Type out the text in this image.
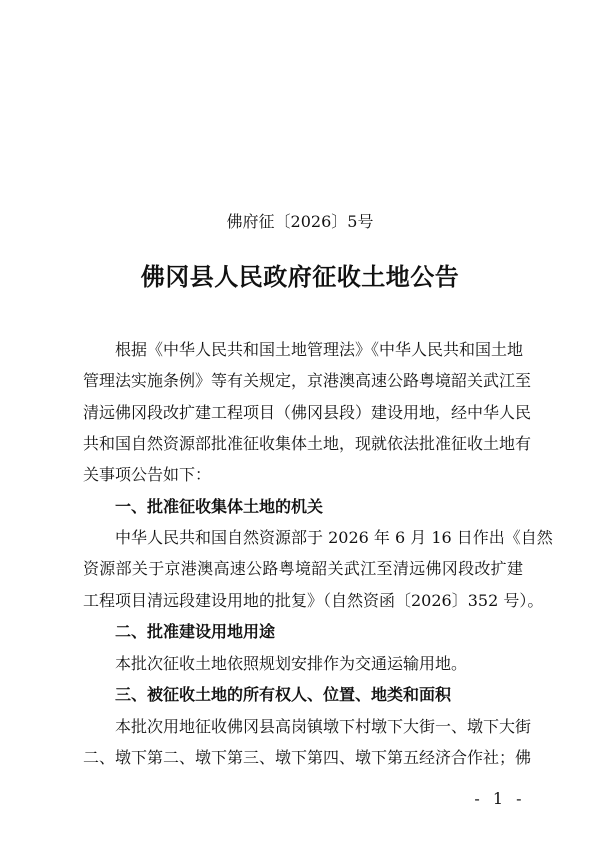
佛府征〔2026〕5号
佛冈县人民政府征收土地公告
根据《中华人民共和国土地管理法》《中华人民共和国土地
管理法实施条例》等有关规定，京港澳高速公路粤境韶关武江至
清远佛冈段改扩建工程项目（佛冈县段）建设用地，经中华人民
共和国自然资源部批准征收集体土地，现就依法批准征收土地有
关事项公告如下：
一、批准征收集体土地的机关
中华人民共和国自然资源部于 2026 年 6 月 16 日作出《自然
资源部关于京港澳高速公路粤境韶关武江至清远佛冈段改扩建
工程项目清远段建设用地的批复》（自然资函〔2026〕352 号）。
二、批准建设用地用途
本批次征收土地依照规划安排作为交通运输用地。
三、被征收土地的所有权人、位置、地类和面积
本批次用地征收佛冈县高岗镇墩下村墩下大街一、墩下大街
二、墩下第二、墩下第三、墩下第四、墩下第五经济合作社；佛
- 1 -
